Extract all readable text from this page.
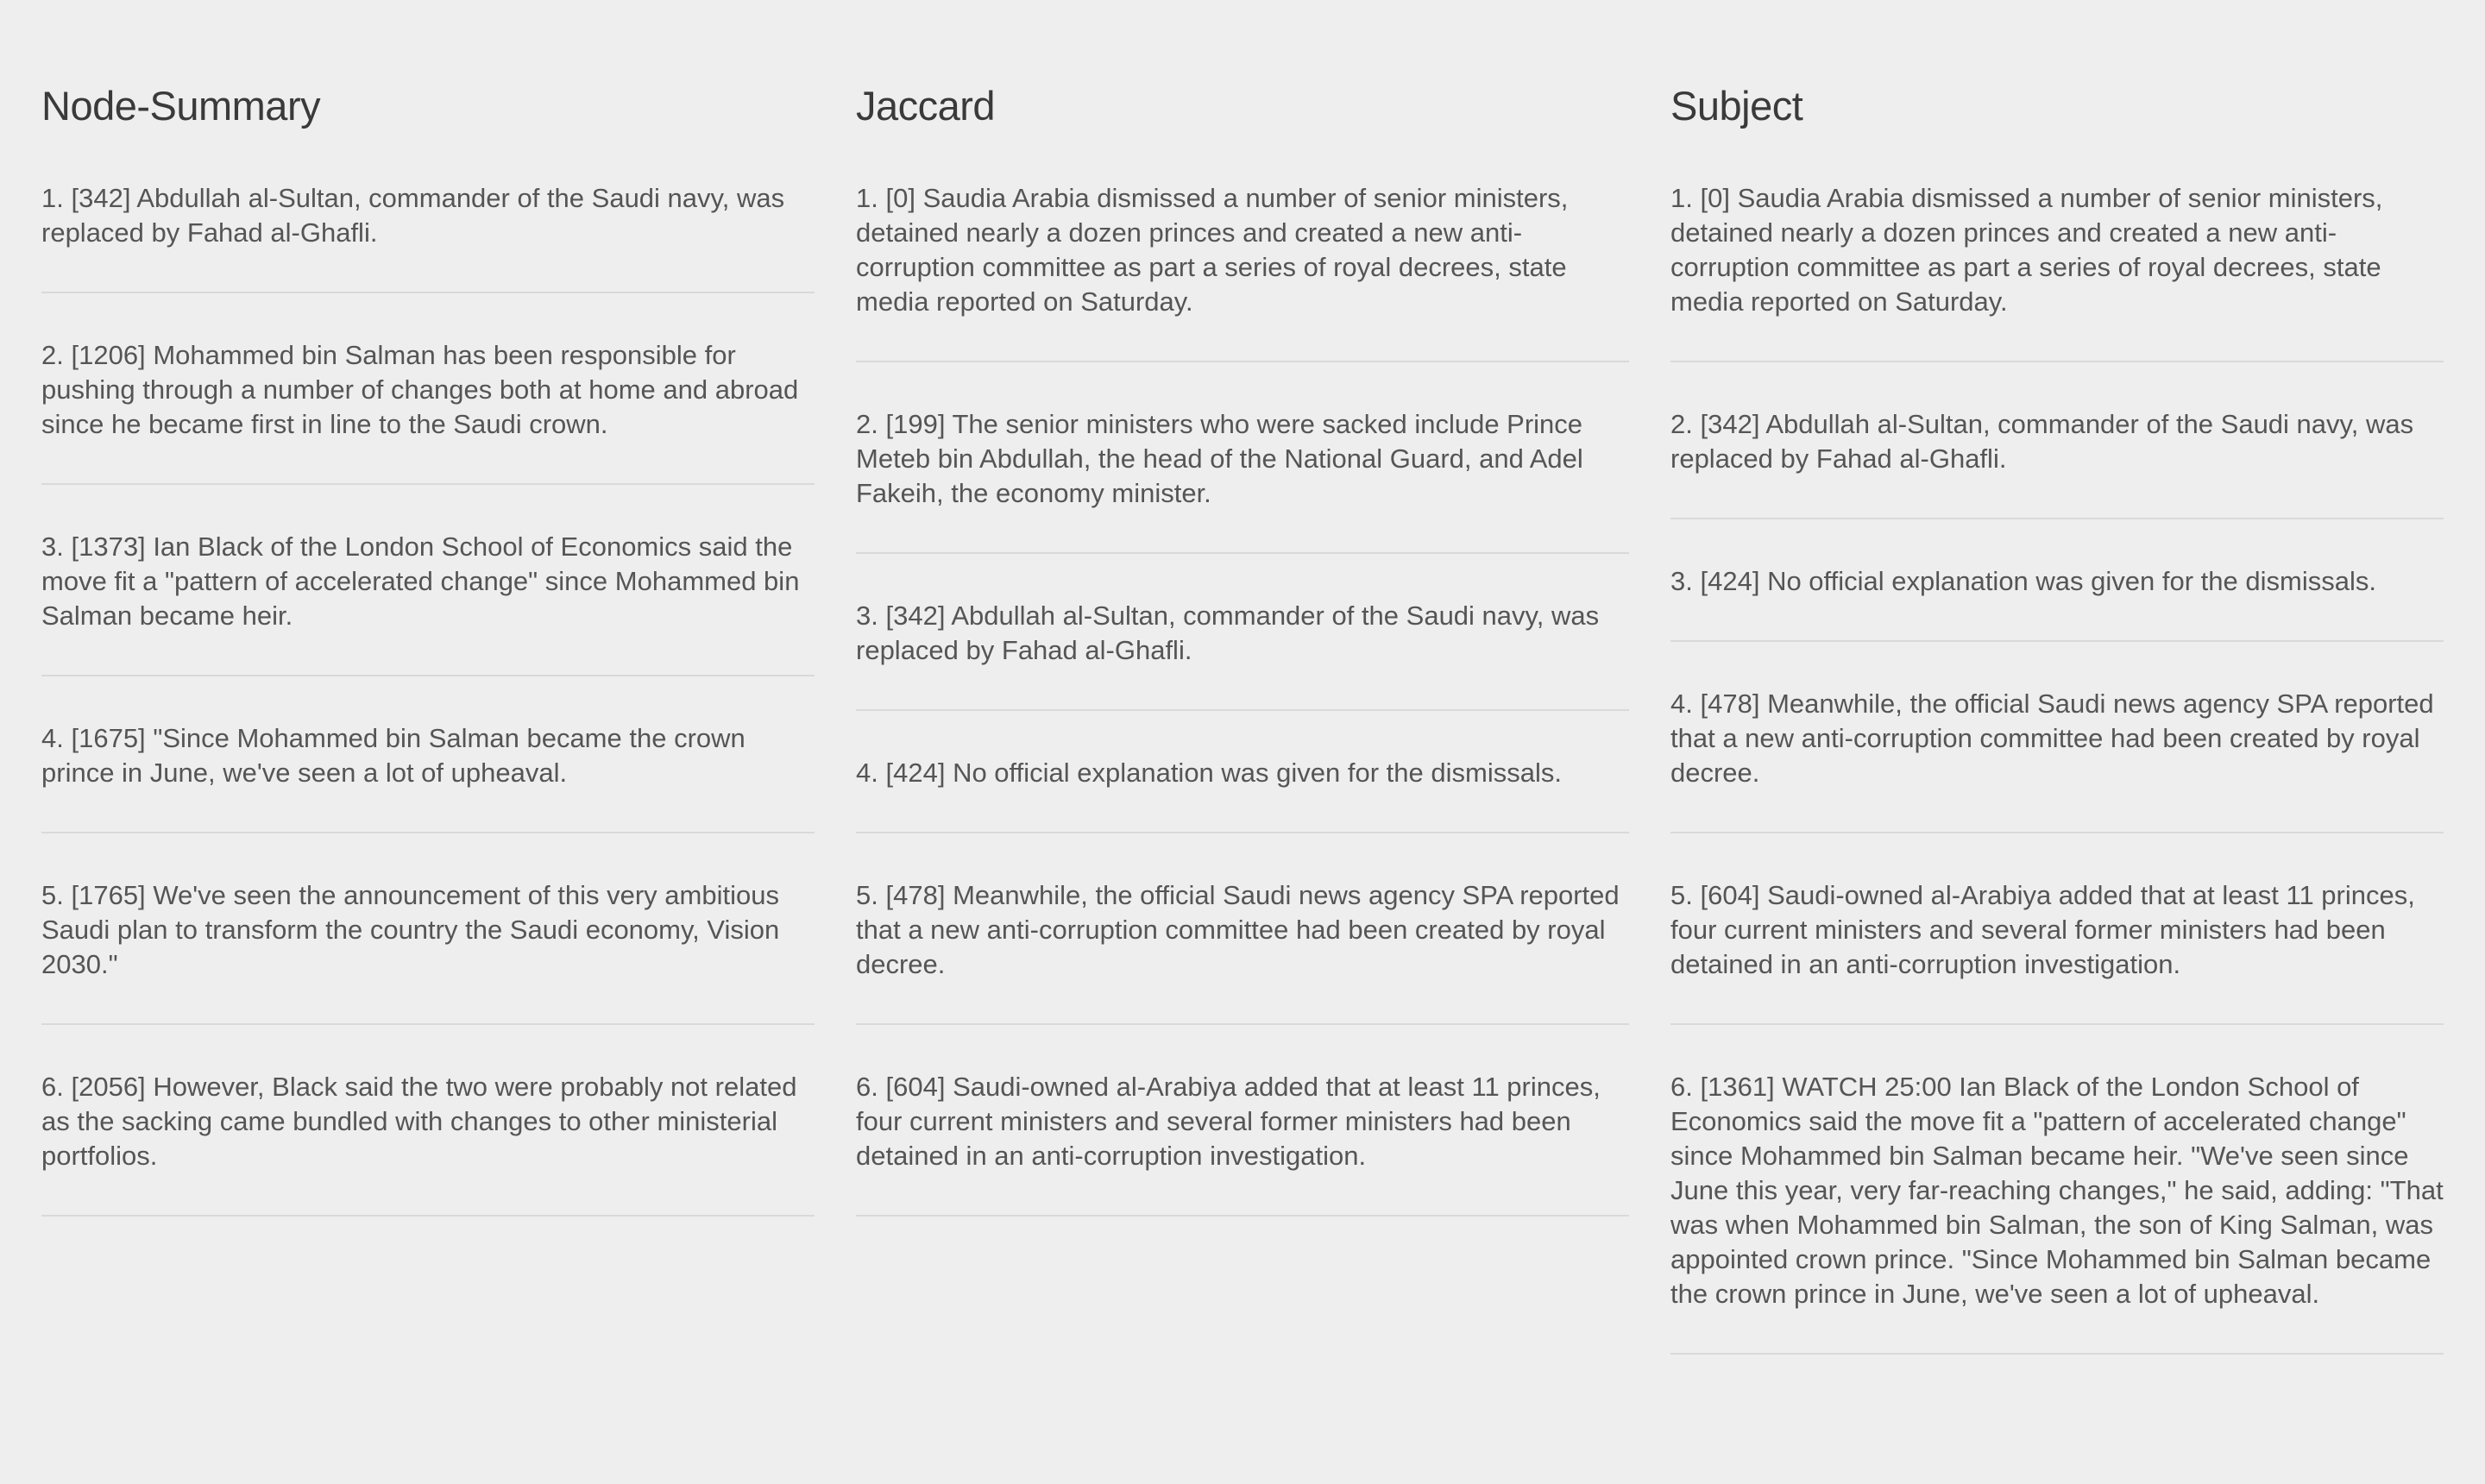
Node-Summary
1. [342] Abdullah al-Sultan, commander of the Saudi navy, was replaced by Fahad al-Ghafli.
2. [1206] Mohammed bin Salman has been responsible for pushing through a number of changes both at home and abroad since he became first in line to the Saudi crown.
3. [1373] Ian Black of the London School of Economics said the move fit a "pattern of accelerated change" since Mohammed bin Salman became heir.
4. [1675] "Since Mohammed bin Salman became the crown prince in June, we've seen a lot of upheaval.
5. [1765] We've seen the announcement of this very ambitious Saudi plan to transform the country the Saudi economy, Vision 2030."
6. [2056] However, Black said the two were probably not related as the sacking came bundled with changes to other ministerial portfolios.
Jaccard
1. [0] Saudia Arabia dismissed a number of senior ministers, detained nearly a dozen princes and created a new anti-corruption committee as part a series of royal decrees, state media reported on Saturday.
2. [199] The senior ministers who were sacked include Prince Meteb bin Abdullah, the head of the National Guard, and Adel Fakeih, the economy minister.
3. [342] Abdullah al-Sultan, commander of the Saudi navy, was replaced by Fahad al-Ghafli.
4. [424] No official explanation was given for the dismissals.
5. [478] Meanwhile, the official Saudi news agency SPA reported that a new anti-corruption committee had been created by royal decree.
6. [604] Saudi-owned al-Arabiya added that at least 11 princes, four current ministers and several former ministers had been detained in an anti-corruption investigation.
Subject
1. [0] Saudia Arabia dismissed a number of senior ministers, detained nearly a dozen princes and created a new anti-corruption committee as part a series of royal decrees, state media reported on Saturday.
2. [342] Abdullah al-Sultan, commander of the Saudi navy, was replaced by Fahad al-Ghafli.
3. [424] No official explanation was given for the dismissals.
4. [478] Meanwhile, the official Saudi news agency SPA reported that a new anti-corruption committee had been created by royal decree.
5. [604] Saudi-owned al-Arabiya added that at least 11 princes, four current ministers and several former ministers had been detained in an anti-corruption investigation.
6. [1361] WATCH 25:00 Ian Black of the London School of Economics said the move fit a "pattern of accelerated change" since Mohammed bin Salman became heir. "We've seen since June this year, very far-reaching changes," he said, adding: "That was when Mohammed bin Salman, the son of King Salman, was appointed crown prince. "Since Mohammed bin Salman became the crown prince in June, we've seen a lot of upheaval.
